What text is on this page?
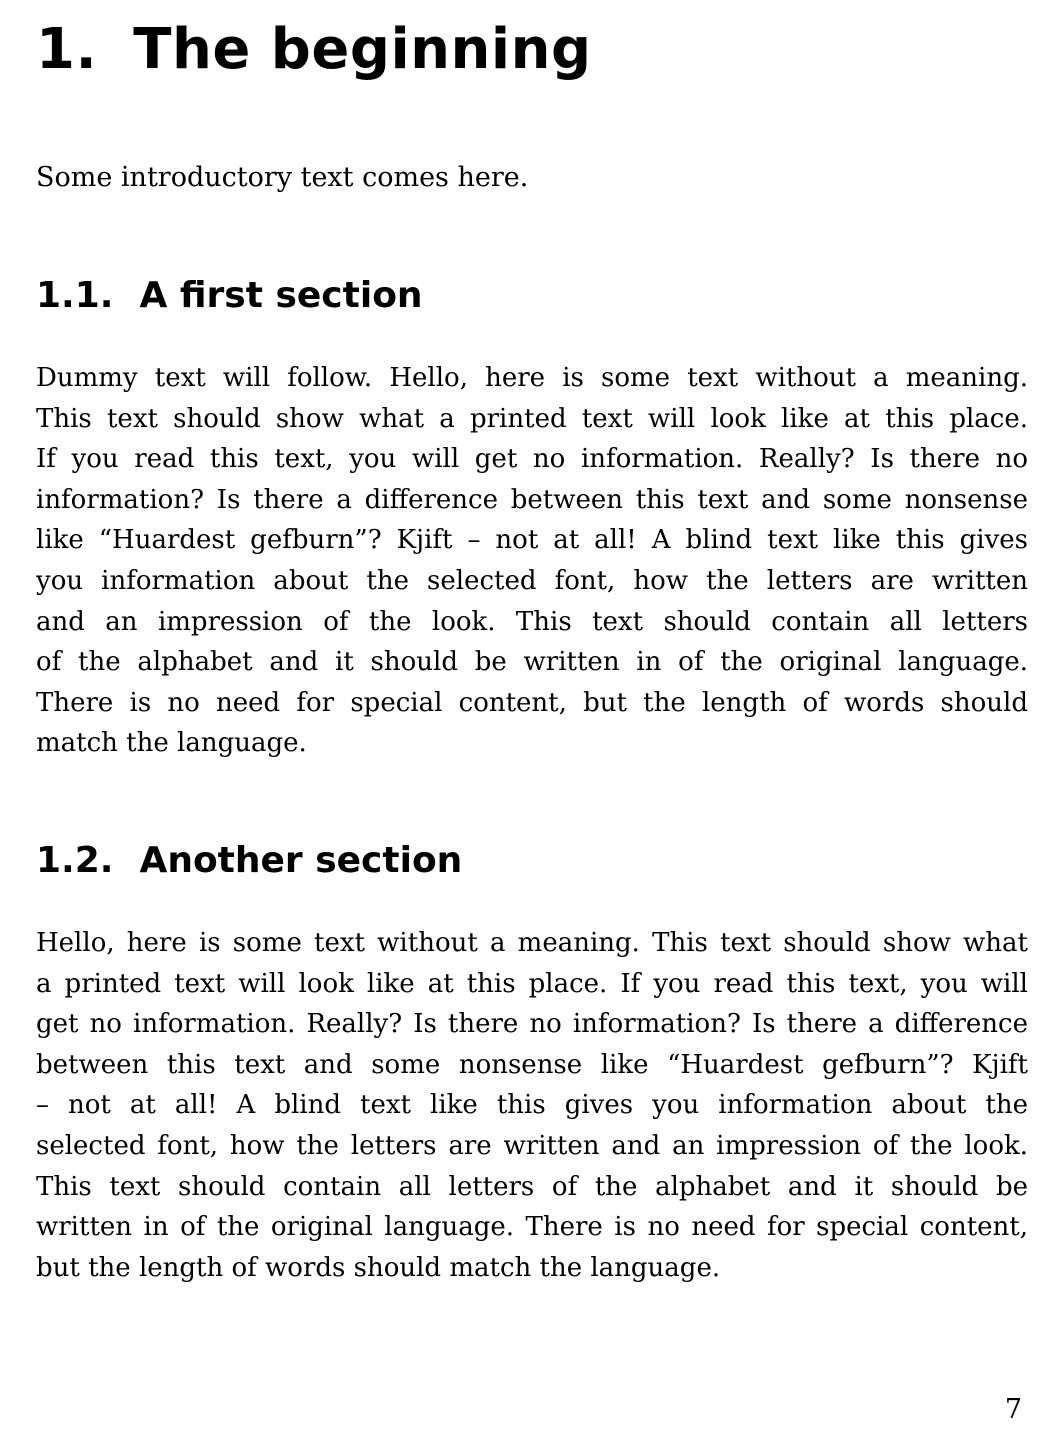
1. The beginning

Some introductory text comes here.

1.1. A first section
Dummy text will follow. Hello, here is some text without a meaning.
This text should show what a printed text will look like at this place.
If you read this text, you will get no information. Really? Is there no
information? Is there a difference between this text and some nonsense
like “Huardest gefburn”? Kjift – not at all! A blind text like this gives
you information about the selected font, how the letters are written
and an impression of the look. This text should contain all letters
of the alphabet and it should be written in of the original language.
There is no need for special content, but the length of words should
match the language.
1.2. Another section
Hello, here is some text without a meaning. This text should show what
a printed text will look like at this place. If you read this text, you will
get no information. Really? Is there no information? Is there a difference
between this text and some nonsense like “Huardest gefburn”? Kjift
– not at all! A blind text like this gives you information about the
selected font, how the letters are written and an impression of the look.
This text should contain all letters of the alphabet and it should be
written in of the original language. There is no need for special content,
but the length of words should match the language.

7
